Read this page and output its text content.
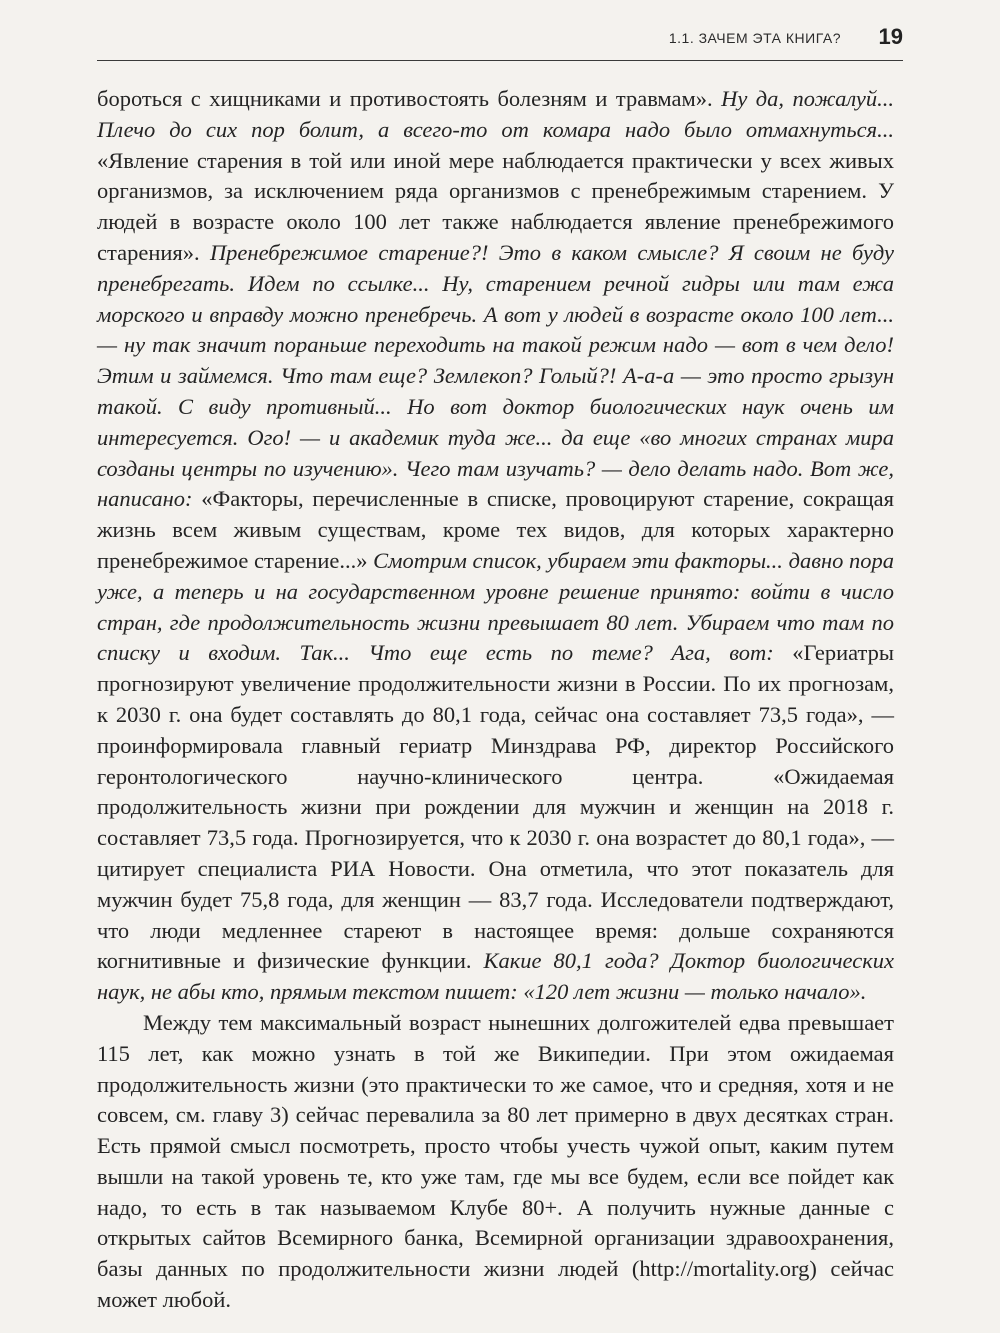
1.1. ЗАЧЕМ ЭТА КНИГА? 19

бороться с хищниками и противостоять болезням и травмам». Ну да, пожалуй... Плечо до сих пор болит, а всего-то от комара надо было отмахнуться... «Явление старения в той или иной мере наблюдается практически у всех живых организмов, за исключением ряда организмов с пренебрежимым старением. У людей в возрасте около 100 лет также наблюдается явление пренебрежимого старения». Пренебрежимое старение?! Это в каком смысле? Я своим не буду пренебрегать. Идем по ссылке... Ну, старением речной гидры или там ежа морского и вправду можно пренебречь. А вот у людей в возрасте около 100 лет... — ну так значит пораньше переходить на такой режим надо — вот в чем дело! Этим и займемся. Что там еще? Землекоп? Голый?! А-а-а — это просто грызун такой. С виду противный... Но вот доктор биологических наук очень им интересуется. Ого! — и академик туда же... да еще «во многих странах мира созданы центры по изучению». Чего там изучать? — дело делать надо. Вот же, написано: «Факторы, перечисленные в списке, провоцируют старение, сокращая жизнь всем живым существам, кроме тех видов, для которых характерно пренебрежимое старение...» Смотрим список, убираем эти факторы... давно пора уже, а теперь и на государственном уровне решение принято: войти в число стран, где продолжительность жизни превышает 80 лет. Убираем что там по списку и входим. Так... Что еще есть по теме? Ага, вот: «Гериатры прогнозируют увеличение продолжительности жизни в России. По их прогнозам, к 2030 г. она будет составлять до 80,1 года, сейчас она составляет 73,5 года», — проинформировала главный гериатр Минздрава РФ, директор Российского геронтологического научно-клинического центра. «Ожидаемая продолжительность жизни при рождении для мужчин и женщин на 2018 г. составляет 73,5 года. Прогнозируется, что к 2030 г. она возрастет до 80,1 года», — цитирует специалиста РИА Новости. Она отметила, что этот показатель для мужчин будет 75,8 года, для женщин — 83,7 года. Исследователи подтверждают, что люди медленнее стареют в настоящее время: дольше сохраняются когнитивные и физические функции. Какие 80,1 года? Доктор биологических наук, не абы кто, прямым текстом пишет: «120 лет жизни — только начало».

Между тем максимальный возраст нынешних долгожителей едва превышает 115 лет, как можно узнать в той же Википедии. При этом ожидаемая продолжительность жизни (это практически то же самое, что и средняя, хотя и не совсем, см. главу 3) сейчас перевалила за 80 лет примерно в двух десятках стран. Есть прямой смысл посмотреть, просто чтобы учесть чужой опыт, каким путем вышли на такой уровень те, кто уже там, где мы все будем, если все пойдет как надо, то есть в так называемом Клубе 80+. А получить нужные данные с открытых сайтов Всемирного банка, Всемирной организации здравоохранения, базы данных по продолжительности жизни людей (http://mortality.org) сейчас может любой.
